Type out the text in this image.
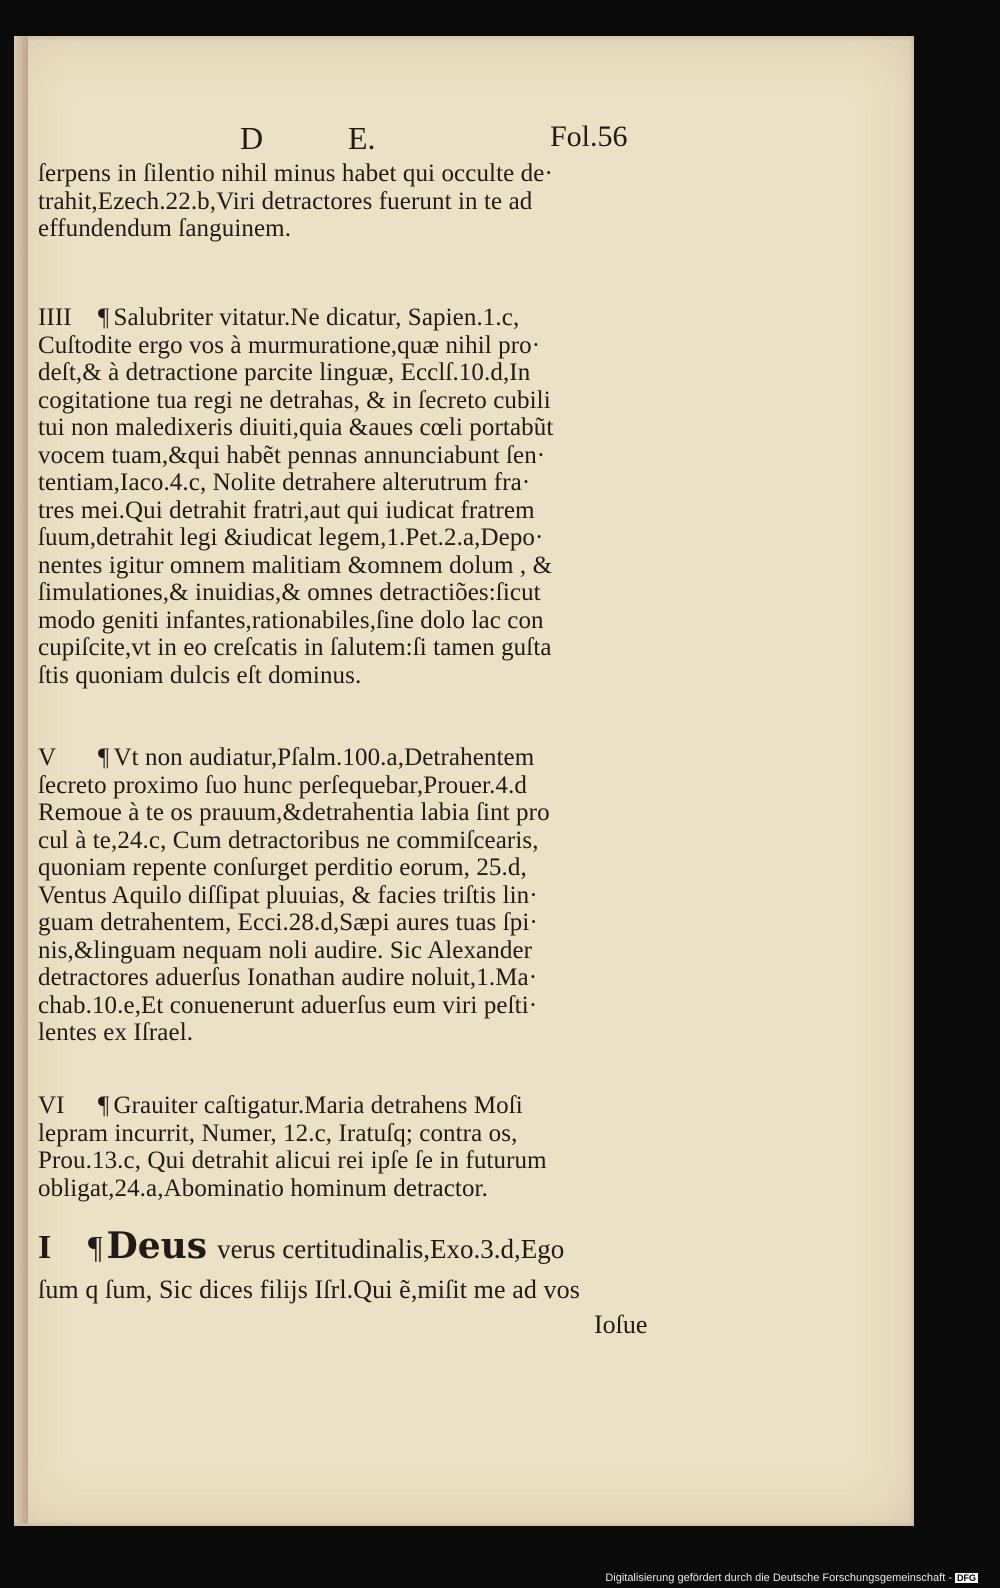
D	E.	Fol.56
ſerpens in ſilentio nihil minus habet qui occulte de·
trahit,Ezech.22.b,Viri detractores fuerunt in te ad
effundendum ſanguinem.
IIII ¶ Salubriter vitatur.Ne dicatur, Sapien.1.c,
Cuſtodite ergo vos à murmuratione,quæ nihil pro·
deſt,& à detractione parcite linguæ, Ecclſ.10.d,In
cogitatione tua regi ne detrahas, & in ſecreto cubili
tui non maledixeris diuiti,quia &aues cœli portabũt
vocem tuam,&qui habẽt pennas annunciabunt ſen·
tentiam,Iaco.4.c, Nolite detrahere alterutrum fra·
tres mei.Qui detrahit fratri,aut qui iudicat fratrem
ſuum,detrahit legi &iudicat legem,1.Pet.2.a,Depo·
nentes igitur omnem malitiam &omnem dolum , &
ſimulationes,& inuidias,& omnes detractiões:ſicut
modo geniti infantes,rationabiles,ſine dolo lac con
cupiſcite,vt in eo creſcatis in ſalutem:ſi tamen guſta
ſtis quoniam dulcis eſt dominus.
V ¶ Vt non audiatur,Pſalm.100.a,Detrahentem
ſecreto proximo ſuo hunc perſequebar,Prouer.4.d
Remoue à te os prauum,&detrahentia labia ſint pro
cul à te,24.c, Cum detractoribus ne commiſcearis,
quoniam repente conſurget perditio eorum, 25.d,
Ventus Aquilo diſſipat pluuias, & facies triſtis lin·
guam detrahentem, Ecci.28.d,Sæpi aures tuas ſpi·
nis,&linguam nequam noli audire. Sic Alexander
detractores aduerſus Ionathan audire noluit,1.Ma·
chab.10.e,Et conuenerunt aduerſus eum viri peſti·
lentes ex Iſrael.
VI ¶ Grauiter caſtigatur.Maria detrahens Moſi
lepram incurrit, Numer, 12.c, Iratuſq; contra os,
Prou.13.c, Qui detrahit alicui rei ipſe ſe in futurum
obligat,24.a,Abominatio hominum detractor.
I ¶ Deus verus certitudinalis,Exo.3.d,Ego
ſum q ſum, Sic dices filijs Iſrl.Qui ẽ,miſit me ad vos
Ioſue
Digitalisierung gefördert durch die Deutsche Forschungsgemeinschaft - DFG
